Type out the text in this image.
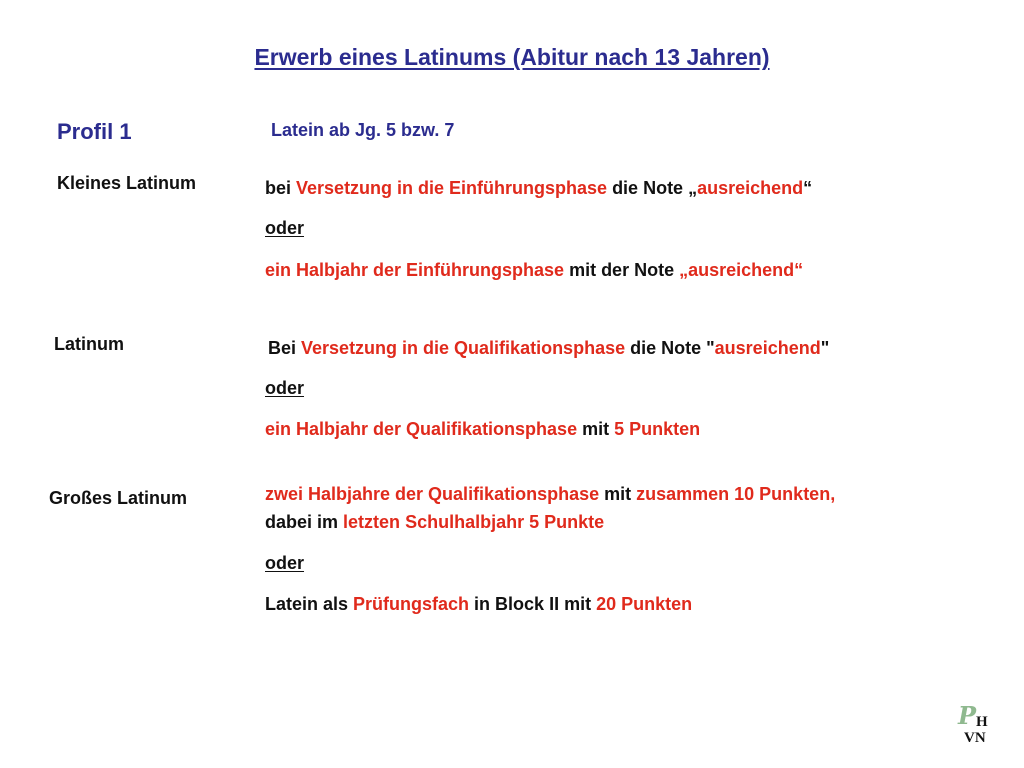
Erwerb eines Latinums (Abitur nach 13 Jahren)
Profil 1	Latein ab Jg. 5 bzw. 7
Kleines Latinum	bei Versetzung in die Einführungsphase die Note „ausreichend“
oder
ein Halbjahr der Einführungsphase mit der Note „ausreichend“
Latinum	Bei Versetzung in die Qualifikationsphase die Note "ausreichend"
oder
ein Halbjahr der Qualifikationsphase mit 5 Punkten
Großes Latinum	zwei Halbjahre der Qualifikationsphase mit zusammen 10 Punkten,
dabei im letzten Schulhalbjahr 5 Punkte
oder
Latein als Prüfungsfach in Block II mit 20 Punkten
P H
VN
